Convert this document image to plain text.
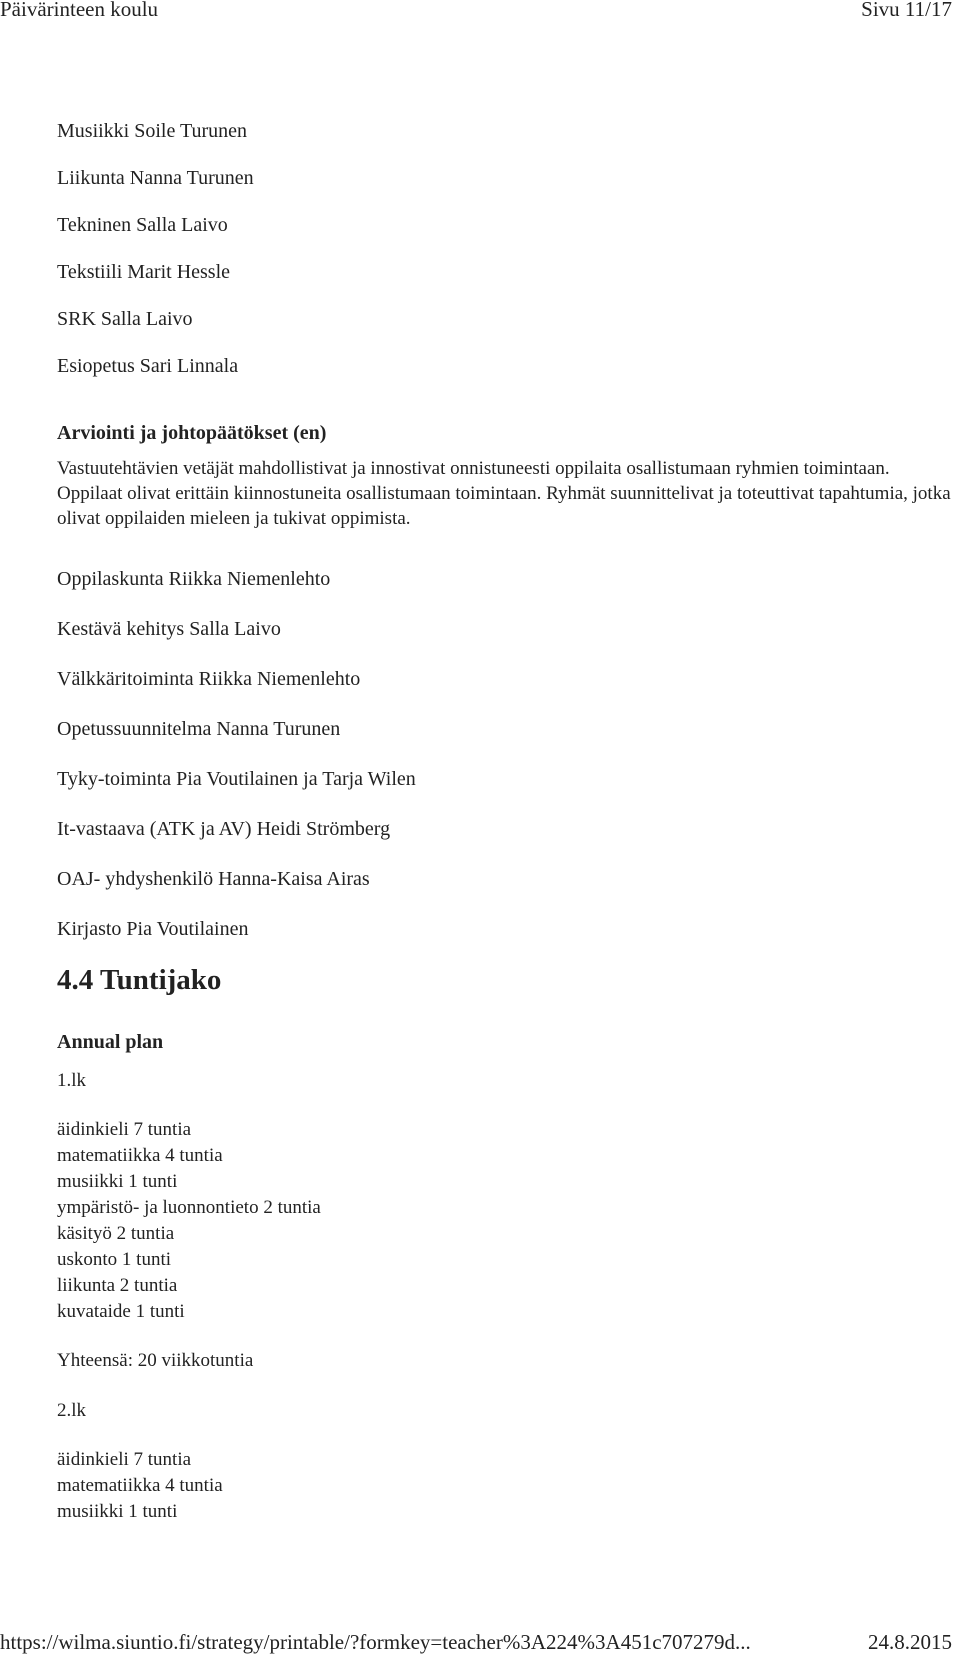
Päivärinteen koulu	Sivu 11/17
Musiikki Soile Turunen
Liikunta Nanna Turunen
Tekninen Salla Laivo
Tekstiili Marit Hessle
SRK Salla Laivo
Esiopetus Sari Linnala
Arviointi ja johtopäätökset (en)
Vastuutehtävien vetäjät mahdollistivat ja innostivat onnistuneesti oppilaita osallistumaan ryhmien toimintaan. Oppilaat olivat erittäin kiinnostuneita osallistumaan toimintaan. Ryhmät suunnittelivat ja toteuttivat tapahtumia, jotka olivat oppilaiden mieleen ja tukivat oppimista.
Oppilaskunta Riikka Niemenlehto
Kestävä kehitys Salla Laivo
Välkkäritoiminta Riikka Niemenlehto
Opetussuunnitelma Nanna Turunen
Tyky-toiminta Pia Voutilainen ja Tarja Wilen
It-vastaava (ATK ja AV) Heidi Strömberg
OAJ- yhdyshenkilö Hanna-Kaisa Airas
Kirjasto Pia Voutilainen
4.4 Tuntijako
Annual plan
1.lk
äidinkieli 7 tuntia
matematiikka 4 tuntia
musiikki 1 tunti
ympäristö- ja luonnontieto 2 tuntia
käsityö 2 tuntia
uskonto 1 tunti
liikunta 2 tuntia
kuvataide 1 tunti
Yhteensä: 20 viikkotuntia
2.lk
äidinkieli 7 tuntia
matematiikka 4 tuntia
musiikki 1 tunti
https://wilma.siuntio.fi/strategy/printable/?formkey=teacher%3A224%3A451c707279d...	24.8.2015
